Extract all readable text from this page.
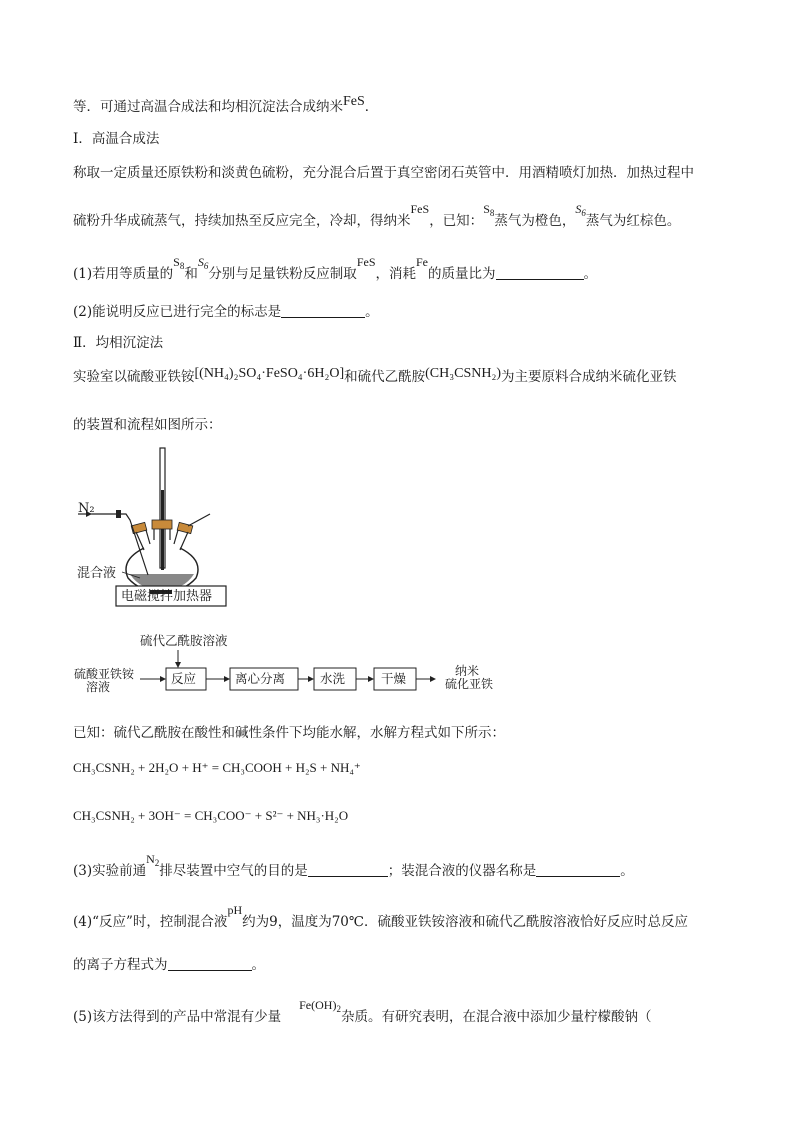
等．可通过高温合成法和均相沉淀法合成纳米FeS．
Ⅰ．高温合成法
称取一定质量还原铁粉和淡黄色硫粉，充分混合后置于真空密闭石英管中．用酒精喷灯加热．加热过程中
硫粉升华成硫蒸气，持续加热至反应完全，冷却，得纳米FeS，已知：$S_8$蒸气为橙色，$S_6$蒸气为红棕色。
(1)若用等质量的$S_8$和$S_6$分别与足量铁粉反应制取FeS，消耗Fe的质量比为	。
(2)能说明反应已进行完全的标志是	。
Ⅱ．均相沉淀法
实验室以硫酸亚铁铵[(NH₄)₂SO₄·FeSO₄·6H₂O]和硫代乙酰胺(CH₃CSNH₂)为主要原料合成纳米硫化亚铁
的装置和流程如图所示：
N₂
混合液
电磁搅拌加热器
硫代乙酰胺溶液
硫酸亚铁铵
溶液
反应	离心分离	水洗	干燥	纳米
硫化亚铁
已知：硫代乙酰胺在酸性和碱性条件下均能水解，水解方程式如下所示：
CH₃CSNH₂ + 2H₂O + H⁺ = CH₃COOH + H₂S + NH₄⁺
CH₃CSNH₂ + 3OH⁻ = CH₃COO⁻ + S²⁻ + NH₃·H₂O
(3)实验前通$N_2$排尽装置中空气的目的是	；装混合液的仪器名称是	。
(4)“反应”时，控制混合液pH约为9，温度为70℃．硫酸亚铁铵溶液和硫代乙酰胺溶液恰好反应时总反应
的离子方程式为	。
(5)该方法得到的产品中常混有少量$Fe(OH)_2$杂质。有研究表明，在混合液中添加少量柠檬酸钠（
